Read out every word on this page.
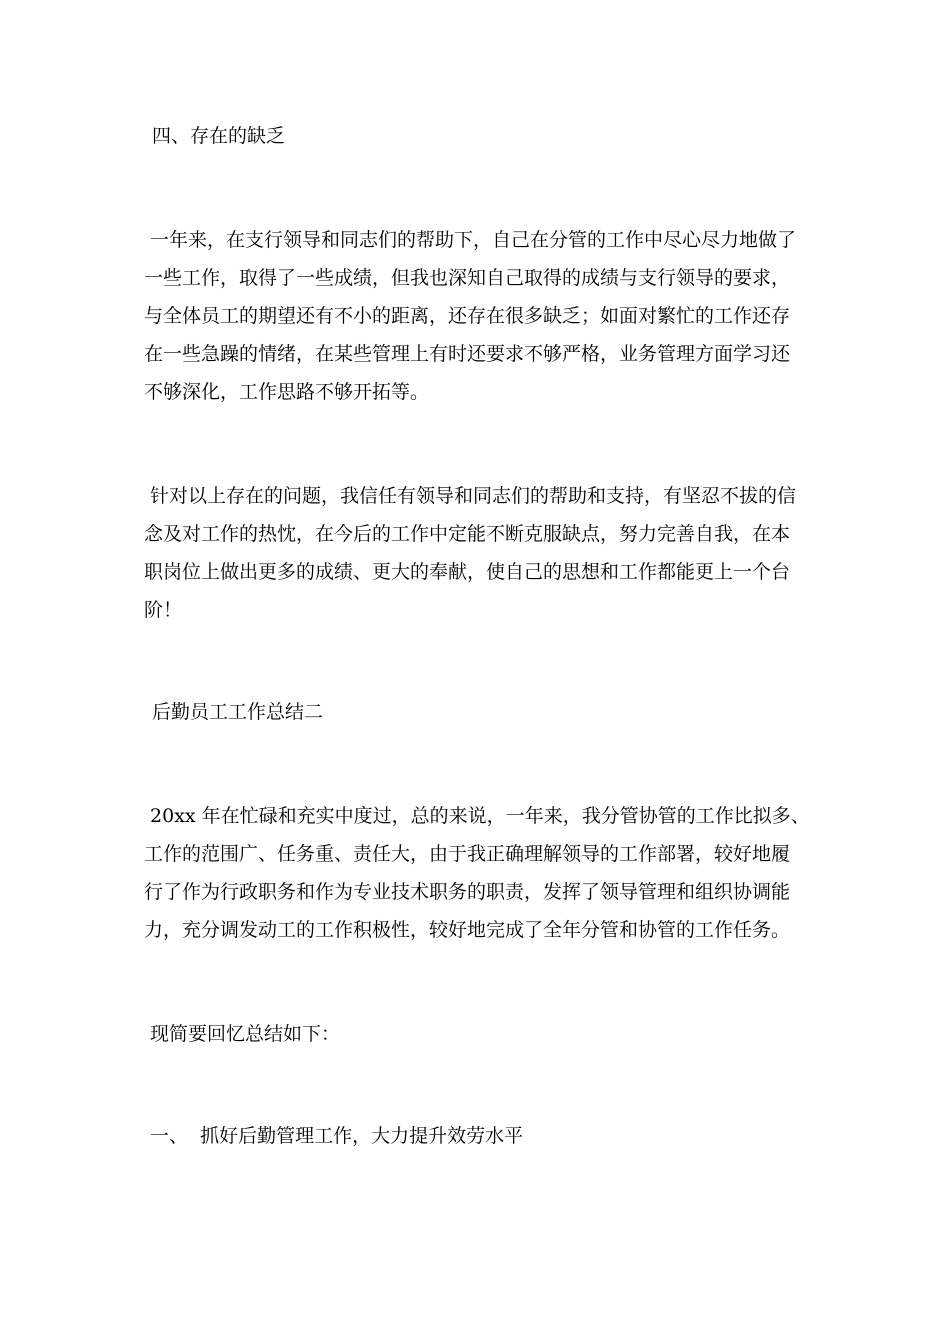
四、存在的缺乏
一年来，在支行领导和同志们的帮助下，自己在分管的工作中尽心尽力地做了
一些工作，取得了一些成绩，但我也深知自己取得的成绩与支行领导的要求，
与全体员工的期望还有不小的距离，还存在很多缺乏；如面对繁忙的工作还存
在一些急躁的情绪，在某些管理上有时还要求不够严格，业务管理方面学习还
不够深化，工作思路不够开拓等。
针对以上存在的问题，我信任有领导和同志们的帮助和支持，有坚忍不拔的信
念及对工作的热忱，在今后的工作中定能不断克服缺点，努力完善自我，在本
职岗位上做出更多的成绩、更大的奉献，使自己的思想和工作都能更上一个台
阶！
后勤员工工作总结二
20xx 年在忙碌和充实中度过，总的来说，一年来，我分管协管的工作比拟多、
工作的范围广、任务重、责任大，由于我正确理解领导的工作部署，较好地履
行了作为行政职务和作为专业技术职务的职责，发挥了领导管理和组织协调能
力，充分调发动工的工作积极性，较好地完成了全年分管和协管的工作任务。
现简要回忆总结如下：
一、  抓好后勤管理工作，大力提升效劳水平
